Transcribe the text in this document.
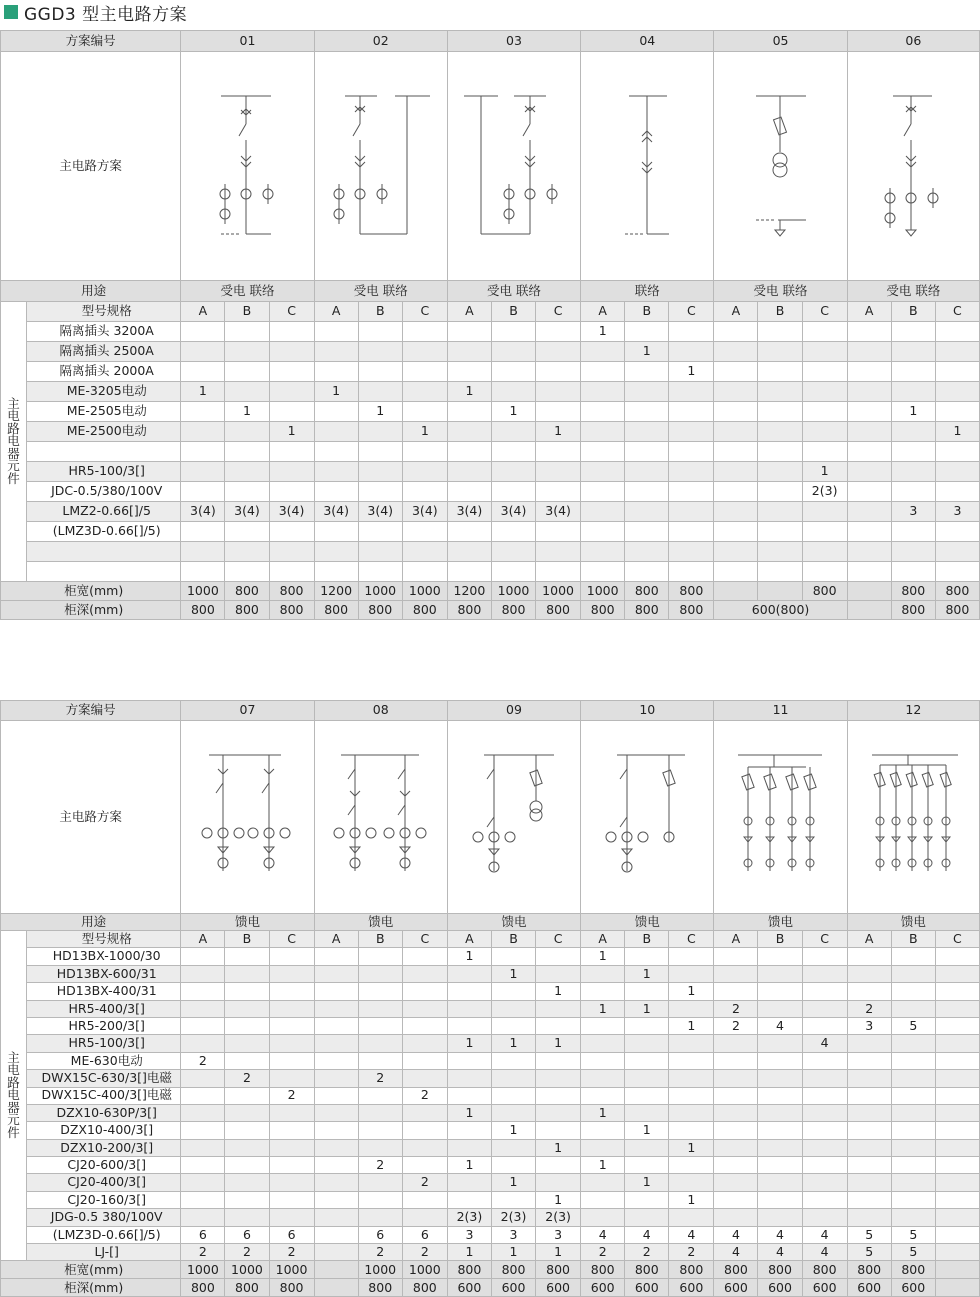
GGD3 型主电路方案
方案编号		01			02			03			04			05			06		
主电路方案	

用途		受电 联络			受电 联络			受电 联络			联络			受电 联络			受电 联络		
主电路电器元件	型号规格	A	B	C	A	B	C	A	B	C	A	B	C	A	B	C	A	B	C
	隔离插头 3200A										1								
	隔离插头 2500A											1							
	隔离插头 2000A												1						
	ME-3205电动	1			1			1											
	ME-2505电动		1			1			1									1	
	ME-2500电动			1			1			1									1

	HR5-100/3[]															1			
	JDC-0.5/380/100V															2(3)			
	LMZ2-0.66[]/5	3(4)	3(4)	3(4)	3(4)	3(4)	3(4)	3(4)	3(4)	3(4)								3	3
	(LMZ3D-0.66[]/5)																		

柜宽(mm)		1000	800	800	1200	1000	1000	1200	1000	1000	1000	800	800			800		800	800
柜深(mm)		800	800	800	800	800	800	800	800	800	800	800	800	600(800)				800	800
方案编号		07			08			09			10			11			12		
主电路方案	

用途		馈电			馈电			馈电			馈电			馈电			馈电		
主电路电器元件	型号规格	A	B	C	A	B	C	A	B	C	A	B	C	A	B	C	A	B	C
	HD13BX-1000/30							1			1								
	HD13BX-600/31								1			1							
	HD13BX-400/31									1			1						
	HR5-400/3[]										1	1		2			2		
	HR5-200/3[]												1	2	4		3	5	
	HR5-100/3[]							1	1	1						4			
	ME-630电动	2																	
	DWX15C-630/3[]电磁		2			2													
	DWX15C-400/3[]电磁			2			2												
	DZX10-630P/3[]							1			1								
	DZX10-400/3[]								1			1							
	DZX10-200/3[]									1			1						
	CJ20-600/3[]					2		1			1								
	CJ20-400/3[]						2		1			1							
	CJ20-160/3[]									1			1						
	JDG-0.5 380/100V							2(3)	2(3)	2(3)									
	(LMZ3D-0.66[]/5)	6	6	6		6	6	3	3	3	4	4	4	4	4	4	5	5	
	LJ-[]	2	2	2		2	2	1	1	1	2	2	2	4	4	4	5	5	
柜宽(mm)		1000	1000	1000		1000	1000	800	800	800	800	800	800	800	800	800	800	800	
柜深(mm)		800	800	800		800	800	600	600	600	600	600	600	600	600	600	600	600	
